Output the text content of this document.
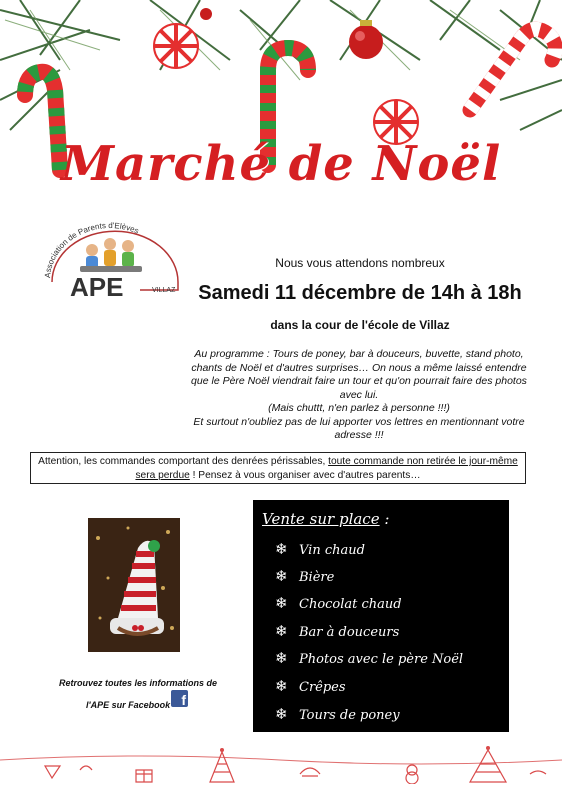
Marché de Noël
Association de Parents d'Elèves
VILLAZ
APE
Nous vous attendons nombreux
Samedi 11 décembre de 14h à 18h
dans la cour de l'école de Villaz

Au programme : Tours de poney, bar à douceurs, buvette, stand photo, chants de Noël et d'autres surprises… On nous a même laissé entendre que le Père Noël viendrait faire un tour et qu'on pourrait faire des photos avec lui.

(Mais chuttt, n'en parlez à personne !!!)

Et surtout n'oubliez pas de lui apporter vos lettres en mentionnant votre adresse !!!

Attention, les commandes comportant des denrées périssables, toute commande non retirée le jour-même sera perdue ! Pensez à vous organiser avec d'autres parents…
Retrouvez toutes les informations de
l'APE sur Facebook f
Vente sur place :
❄ Vin chaud
❄ Bière
❄ Chocolat chaud
❄ Bar à douceurs
❄ Photos avec le père Noël
❄ Crêpes
❄ Tours de poney
